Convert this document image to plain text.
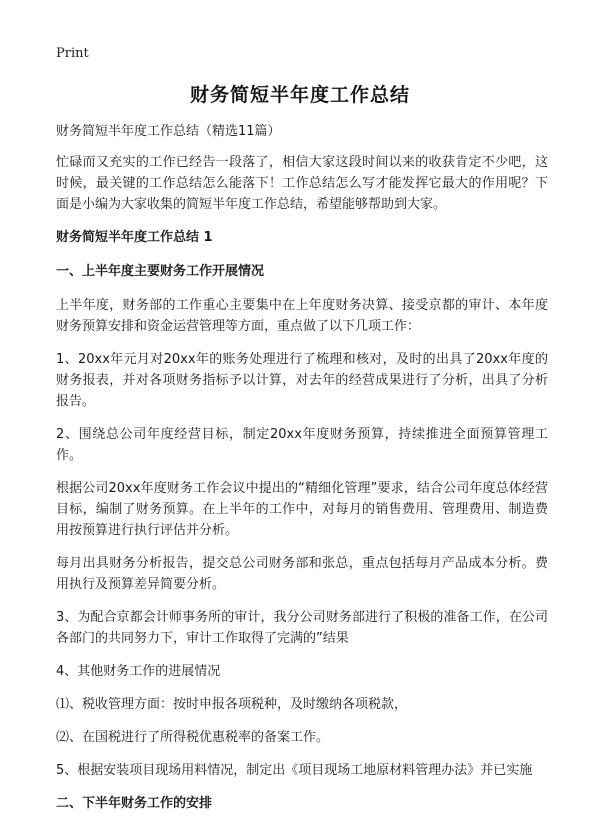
Print
财务简短半年度工作总结

财务简短半年度工作总结（精选11篇）

忙碌而又充实的工作已经告一段落了，相信大家这段时间以来的收获肯定不少吧，这时候，最关键的工作总结怎么能落下！工作总结怎么写才能发挥它最大的作用呢？下面是小编为大家收集的简短半年度工作总结，希望能够帮助到大家。

财务简短半年度工作总结 1

一、上半年度主要财务工作开展情况

上半年度，财务部的工作重心主要集中在上年度财务决算、接受京都的审计、本年度财务预算安排和资金运营管理等方面，重点做了以下几项工作：

1、20xx年元月对20xx年的账务处理进行了梳理和核对，及时的出具了20xx年度的财务报表，并对各项财务指标予以计算，对去年的经营成果进行了分析，出具了分析报告。

2、围绕总公司年度经营目标，制定20xx年度财务预算，持续推进全面预算管理工作。

根据公司20xx年度财务工作会议中提出的“精细化管理”要求，结合公司年度总体经营目标，编制了财务预算。在上半年的工作中，对每月的销售费用、管理费用、制造费用按预算进行执行评估并分析。

每月出具财务分析报告，提交总公司财务部和张总，重点包括每月产品成本分析。费用执行及预算差异简要分析。

3、为配合京都会计师事务所的审计，我分公司财务部进行了积极的准备工作，在公司各部门的共同努力下，审计工作取得了完满的”结果

4、其他财务工作的进展情况

⑴、税收管理方面：按时申报各项税种，及时缴纳各项税款，

⑵、在国税进行了所得税优惠税率的备案工作。

5、根据安装项目现场用料情况，制定出《项目现场工地原材料管理办法》并已实施

二、下半年财务工作的安排
